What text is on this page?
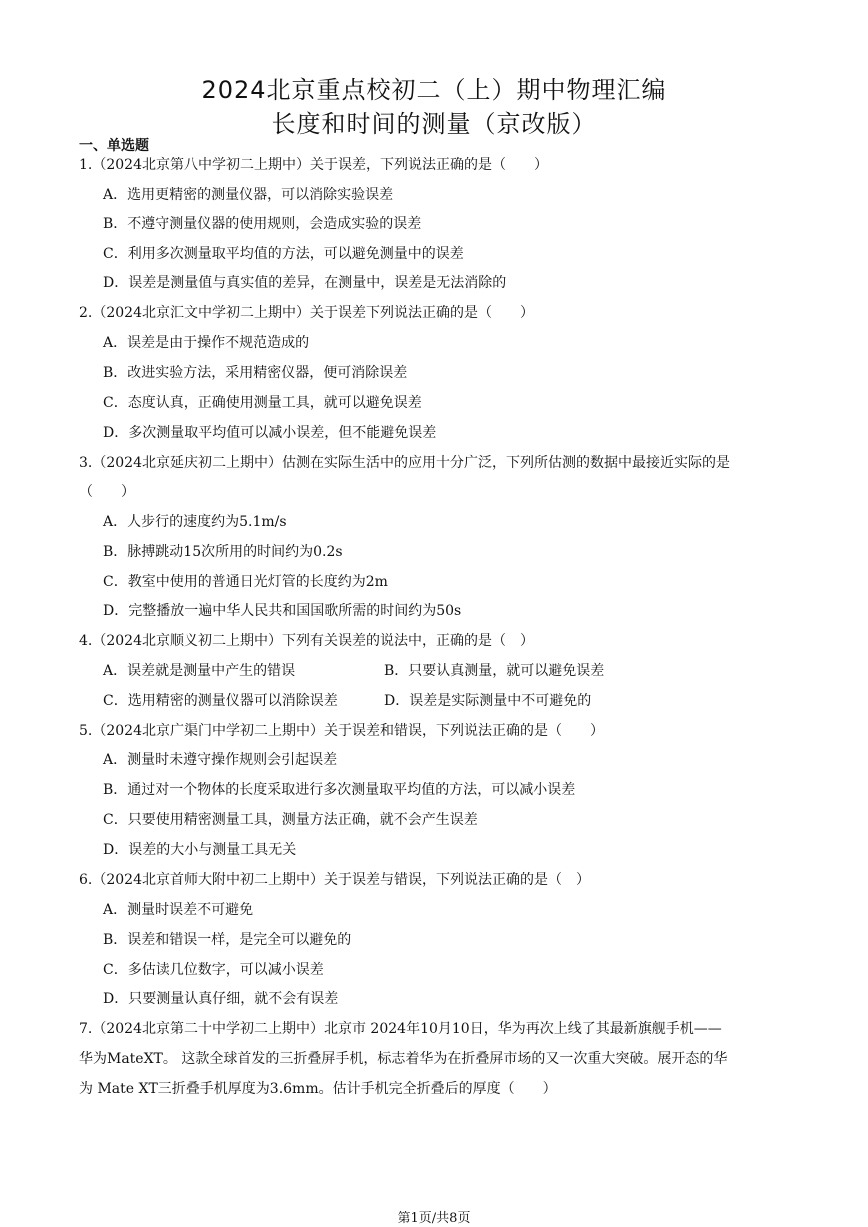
2024北京重点校初二（上）期中物理汇编
长度和时间的测量（京改版）
一、单选题
1.（2024北京第八中学初二上期中）关于误差，下列说法正确的是（　　）
A．选用更精密的测量仪器，可以消除实验误差
B．不遵守测量仪器的使用规则，会造成实验的误差
C．利用多次测量取平均值的方法，可以避免测量中的误差
D．误差是测量值与真实值的差异，在测量中，误差是无法消除的
2.（2024北京汇文中学初二上期中）关于误差下列说法正确的是（　　）
A．误差是由于操作不规范造成的
B．改进实验方法，采用精密仪器，便可消除误差
C．态度认真，正确使用测量工具，就可以避免误差
D．多次测量取平均值可以减小误差，但不能避免误差
3.（2024北京延庆初二上期中）估测在实际生活中的应用十分广泛，下列所估测的数据中最接近实际的是
（　　）
A．人步行的速度约为5.1m/s
B．脉搏跳动15次所用的时间约为0.2s
C．教室中使用的普通日光灯管的长度约为2m
D．完整播放一遍中华人民共和国国歌所需的时间约为50s
4.（2024北京顺义初二上期中）下列有关误差的说法中，正确的是（　）
A．误差就是测量中产生的错误	B．只要认真测量，就可以避免误差
C．选用精密的测量仪器可以消除误差	D．误差是实际测量中不可避免的
5.（2024北京广渠门中学初二上期中）关于误差和错误，下列说法正确的是（　　）
A．测量时未遵守操作规则会引起误差
B．通过对一个物体的长度采取进行多次测量取平均值的方法，可以减小误差
C．只要使用精密测量工具，测量方法正确，就不会产生误差
D．误差的大小与测量工具无关
6.（2024北京首师大附中初二上期中）关于误差与错误，下列说法正确的是（　）
A．测量时误差不可避免
B．误差和错误一样，是完全可以避免的
C．多估读几位数字，可以减小误差
D．只要测量认真仔细，就不会有误差
7.（2024北京第二十中学初二上期中）北京市 2024年10月10日，华为再次上线了其最新旗舰手机——
华为MateXT。 这款全球首发的三折叠屏手机，标志着华为在折叠屏市场的又一次重大突破。展开态的华
为 Mate XT三折叠手机厚度为3.6mm。估计手机完全折叠后的厚度（　　）
第1页/共8页
